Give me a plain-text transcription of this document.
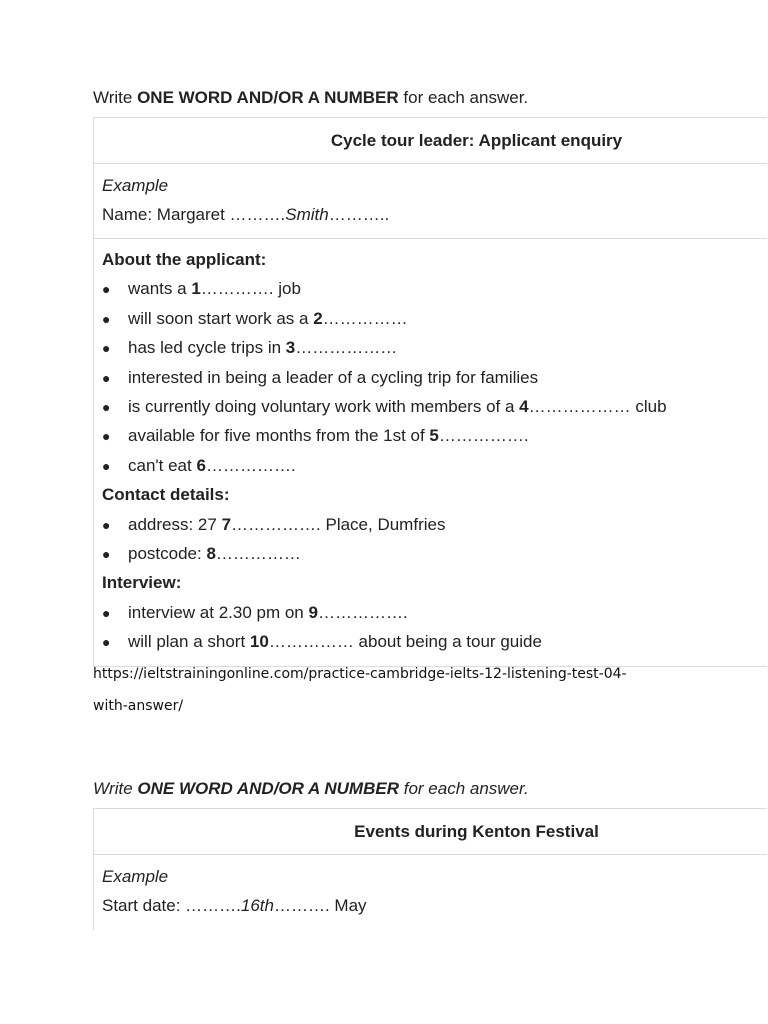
Write ONE WORD AND/OR A NUMBER for each answer.
Cycle tour leader: Applicant enquiry
Example
Name: Margaret ……….Smith………..
About the applicant:
● wants a 1…………. job
● will soon start work as a 2……………
● has led cycle trips in 3………………
● interested in being a leader of a cycling trip for families
● is currently doing voluntary work with members of a 4……………… club
● available for five months from the 1st of 5…………….
● can't eat 6…………….
Contact details:
● address: 27 7……………. Place, Dumfries
● postcode: 8……………
Interview:
● interview at 2.30 pm on 9…………….
● will plan a short 10…………… about being a tour guide
https://ieltstrainingonline.com/practice-cambridge-ielts-12-listening-test-04-
with-answer/
Write ONE WORD AND/OR A NUMBER for each answer.
Events during Kenton Festival
Example
Start date: ……….16th………. May
